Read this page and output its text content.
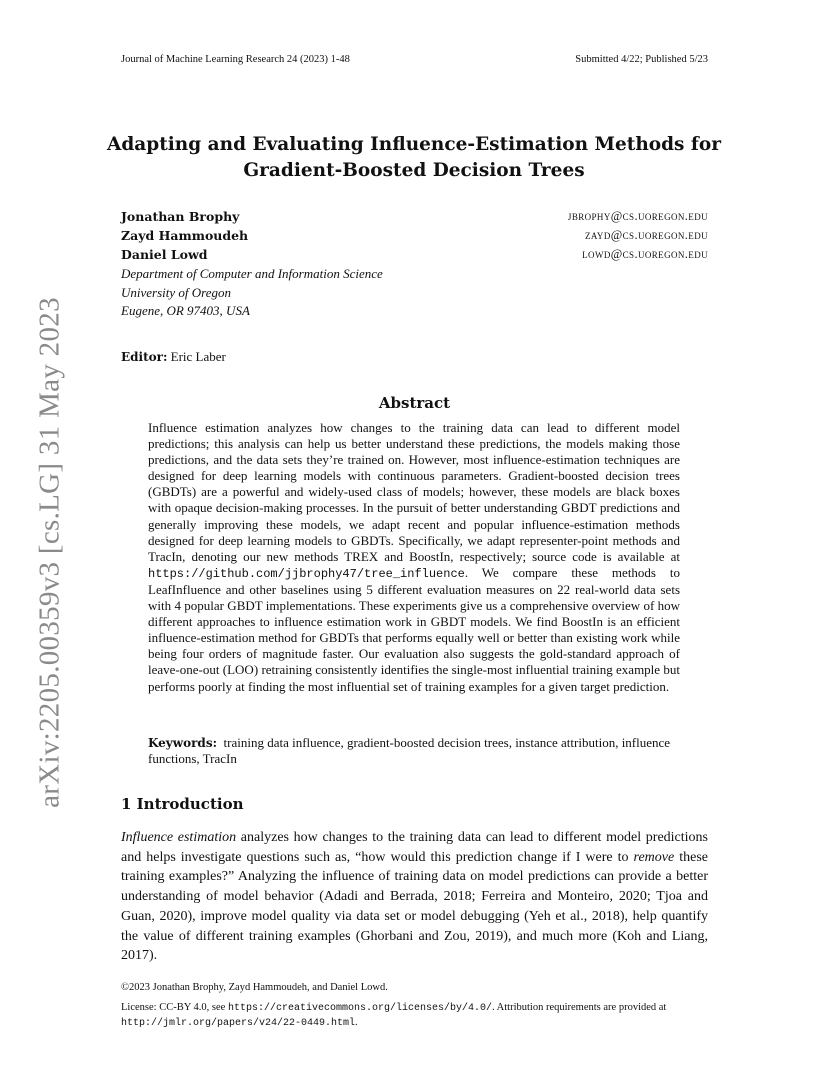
arXiv:2205.00359v3 [cs.LG] 31 May 2023
Journal of Machine Learning Research 24 (2023) 1-48	Submitted 4/22; Published 5/23
Adapting and Evaluating Influence-Estimation Methods for
Gradient-Boosted Decision Trees
Jonathan Brophy	jbrophy@cs.uoregon.edu
Zayd Hammoudeh	zayd@cs.uoregon.edu
Daniel Lowd	lowd@cs.uoregon.edu
Department of Computer and Information Science
University of Oregon
Eugene, OR 97403, USA
Editor: Eric Laber
Abstract

Influence estimation analyzes how changes to the training data can lead to different model predictions; this analysis can help us better understand these predictions, the models making those predictions, and the data sets they’re trained on. However, most influence-estimation techniques are designed for deep learning models with continuous parameters. Gradient-boosted decision trees (GBDTs) are a powerful and widely-used class of models; however, these models are black boxes with opaque decision-making processes. In the pursuit of better understanding GBDT predictions and generally improving these models, we adapt recent and popular influence-estimation methods designed for deep learning models to GBDTs. Specifically, we adapt representer-point methods and TracIn, denoting our new methods TREX and BoostIn, respectively; source code is available at https://github.com/jjbrophy47/tree_influence. We compare these methods to LeafInfluence and other baselines using 5 different evaluation measures on 22 real-world data sets with 4 popular GBDT implementations. These experiments give us a comprehensive overview of how different approaches to influence estimation work in GBDT models. We find BoostIn is an efficient influence-estimation method for GBDTs that performs equally well or better than existing work while being four orders of magnitude faster. Our evaluation also suggests the gold-standard approach of leave-one-out (LOO) retraining consistently identifies the single-most influential training example but performs poorly at finding the most influential set of training examples for a given target prediction.

Keywords: training data influence, gradient-boosted decision trees, instance attribution, influence functions, TracIn

1 Introduction

Influence estimation analyzes how changes to the training data can lead to different model predictions and helps investigate questions such as, “how would this prediction change if I were to remove these training examples?” Analyzing the influence of training data on model predictions can provide a better understanding of model behavior (Adadi and Berrada, 2018; Ferreira and Monteiro, 2020; Tjoa and Guan, 2020), improve model quality via data set or model debugging (Yeh et al., 2018), help quantify the value of different training examples (Ghorbani and Zou, 2019), and much more (Koh and Liang, 2017).

©2023 Jonathan Brophy, Zayd Hammoudeh, and Daniel Lowd.

License: CC-BY 4.0, see https://creativecommons.org/licenses/by/4.0/. Attribution requirements are provided at http://jmlr.org/papers/v24/22-0449.html.
